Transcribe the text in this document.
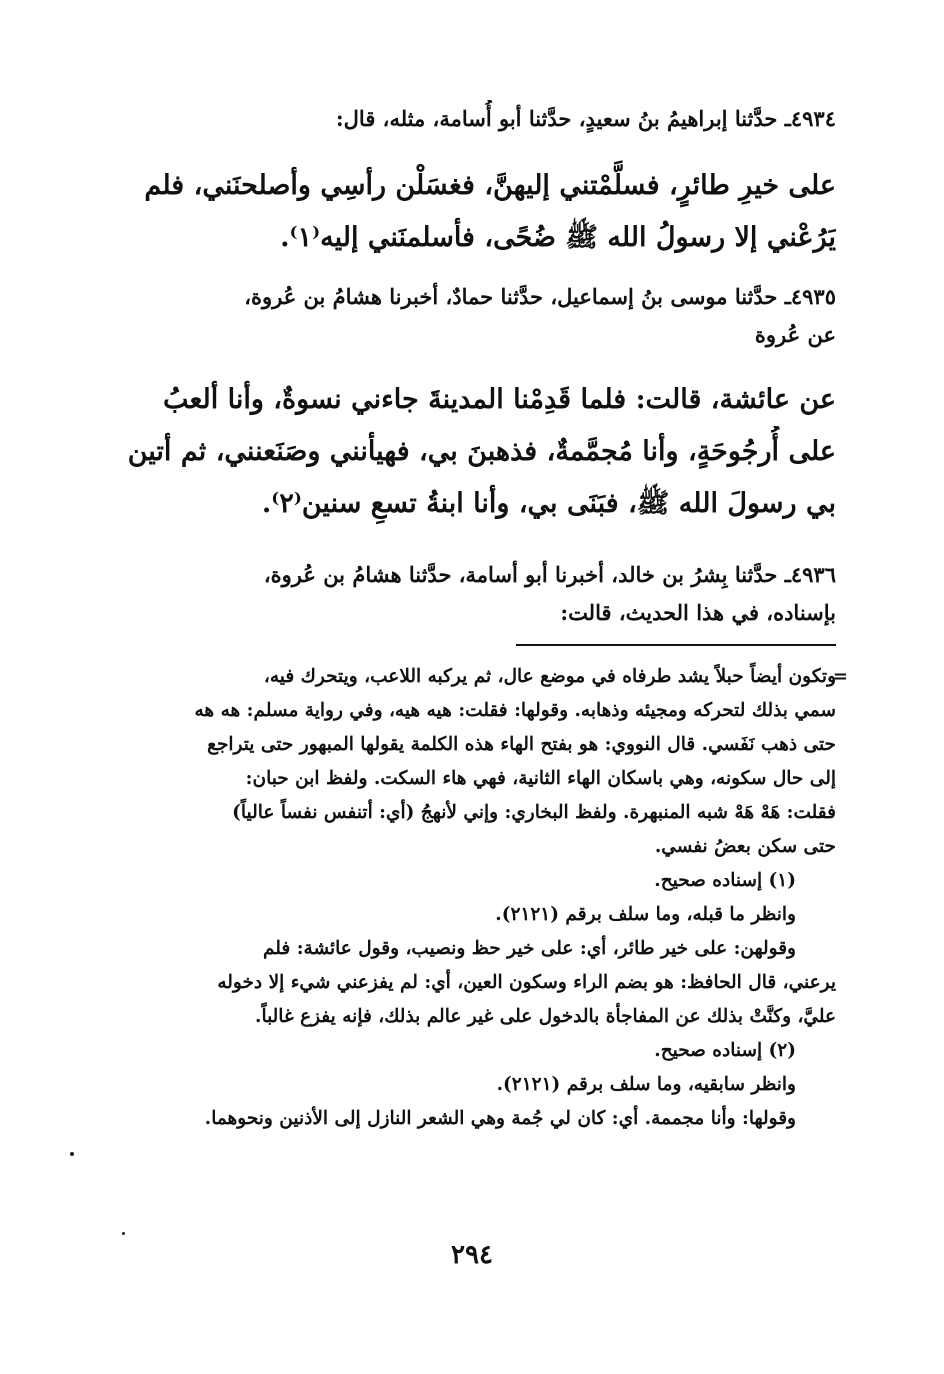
٤٩٣٤ـ حدَّثنا إبراهيمُ بنُ سعيدٍ، حدَّثنا أبو أُسامة، مثله، قال:
على خيرِ طائرٍ، فسلَّمْتني إليهنَّ، فغسَلْن رأسِي وأصلحنَني، فلم
يَرُعْني إلا رسولُ الله ﷺ ضُحًى، فأسلمنَني إليه⁽١⁾.
٤٩٣٥ـ حدَّثنا موسى بنُ إسماعيل، حدَّثنا حمادٌ، أخبرنا هشامُ بن عُروة،
عن عُروة
عن عائشة، قالت: فلما قَدِمْنا المدينةَ جاءني نسوةٌ، وأنا ألعبُ
على أُرجُوحَةٍ، وأنا مُجمَّمةٌ، فذهبنَ بي، فهيأنني وصَنَعنني، ثم أتين
بي رسولَ الله ﷺ، فبَنَى بي، وأنا ابنةُ تسعِ سنين⁽٢⁾.
٤٩٣٦ـ حدَّثنا بِشرُ بن خالد، أخبرنا أبو أسامة، حدَّثنا هشامُ بن عُروة،
بإسناده، في هذا الحديث، قالت:
=
وتكون أيضاً حبلاً يشد طرفاه في موضع عال، ثم يركبه اللاعب، ويتحرك فيه،
سمي بذلك لتحركه ومجيئه وذهابه. وقولها: فقلت: هيه هيه، وفي رواية مسلم: هه هه
حتى ذهب نَفَسي. قال النووي: هو بفتح الهاء هذه الكلمة يقولها المبهور حتى يتراجع
إلى حال سكونه، وهي باسكان الهاء الثانية، فهي هاء السكت. ولفظ ابن حبان:
فقلت: هَهْ هَهْ شبه المنبهرة. ولفظ البخاري: وإني لأنهجُ (أي: أتنفس نفساً عالياً)
حتى سكن بعضُ نفسي.
(١) إسناده صحيح.
وانظر ما قبله، وما سلف برقم (٢١٢١).
وقولهن: على خير طائر، أي: على خير حظ ونصيب، وقول عائشة: فلم
يرعني، قال الحافظ: هو بضم الراء وسكون العين، أي: لم يفزعني شيء إلا دخوله
عليَّ، وكنَّتْ بذلك عن المفاجأة بالدخول على غير عالم بذلك، فإنه يفزع غالباً.
(٢) إسناده صحيح.
وانظر سابقيه، وما سلف برقم (٢١٢١).
وقولها: وأنا مجممة. أي: كان لي جُمة وهي الشعر النازل إلى الأذنين ونحوهما.
٢٩٤
